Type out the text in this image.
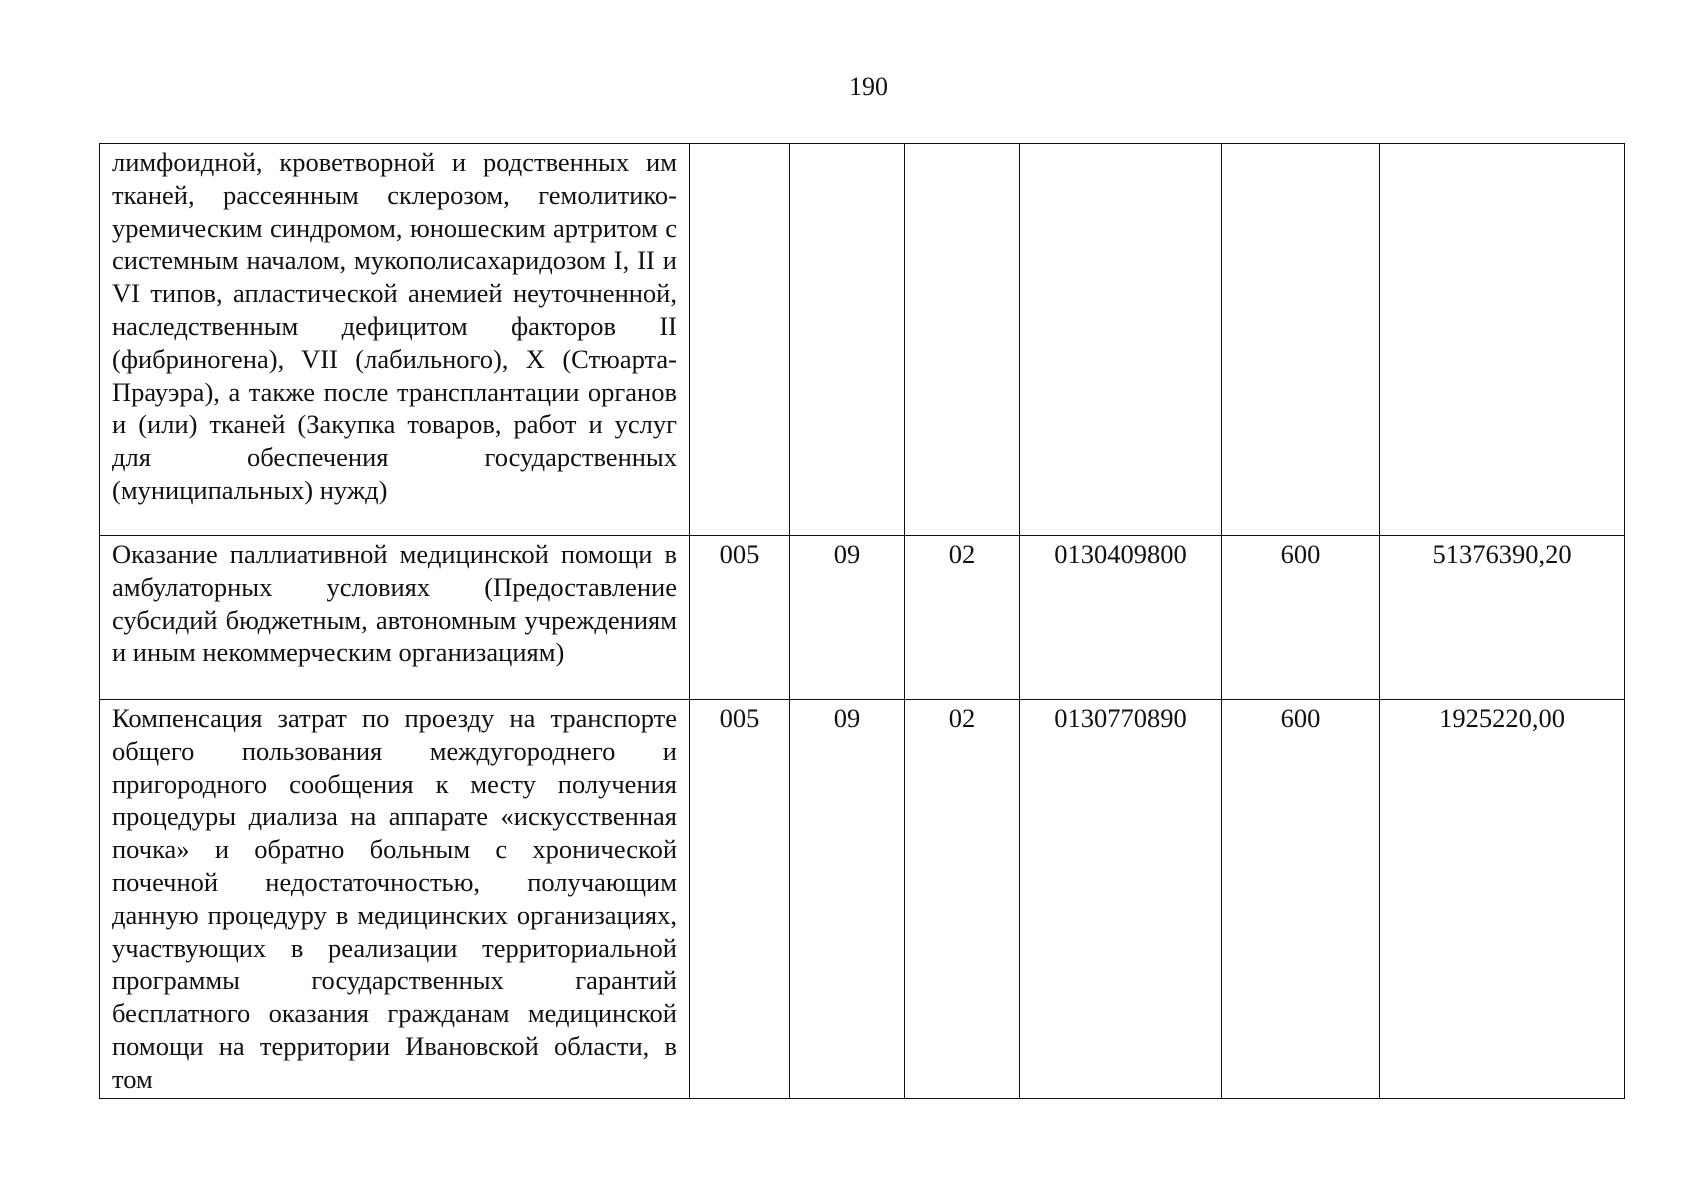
190
лимфоидной, кроветворной и родственных им тканей, рассеянным склерозом, гемолитико-уремическим синдромом, юношеским артритом с системным началом, мукополисахаридозом I, II и VI типов, апластической анемией неуточненной, наследственным дефицитом факторов II (фибриногена), VII (лабильного), X (Стюарта-Прауэра), а также после трансплантации органов и (или) тканей (Закупка товаров, работ и услуг для обеспечения государственных (муниципальных) нужд)						

Оказание паллиативной медицинской помощи в амбулаторных условиях (Предоставление субсидий бюджетным, автономным учреждениям и иным некоммерческим организациям)	005	09	02	0130409800	600	51376390,20

Компенсация затрат по проезду на транспорте общего пользования междугороднего и пригородного сообщения к месту получения процедуры диализа на аппарате «искусственная почка» и обратно больным с хронической почечной недостаточностью, получающим данную процедуру в медицинских организациях, участвующих в реализации территориальной программы государственных гарантий бесплатного оказания гражданам медицинской помощи на территории Ивановской области, в том	005	09	02	0130770890	600	1925220,00
